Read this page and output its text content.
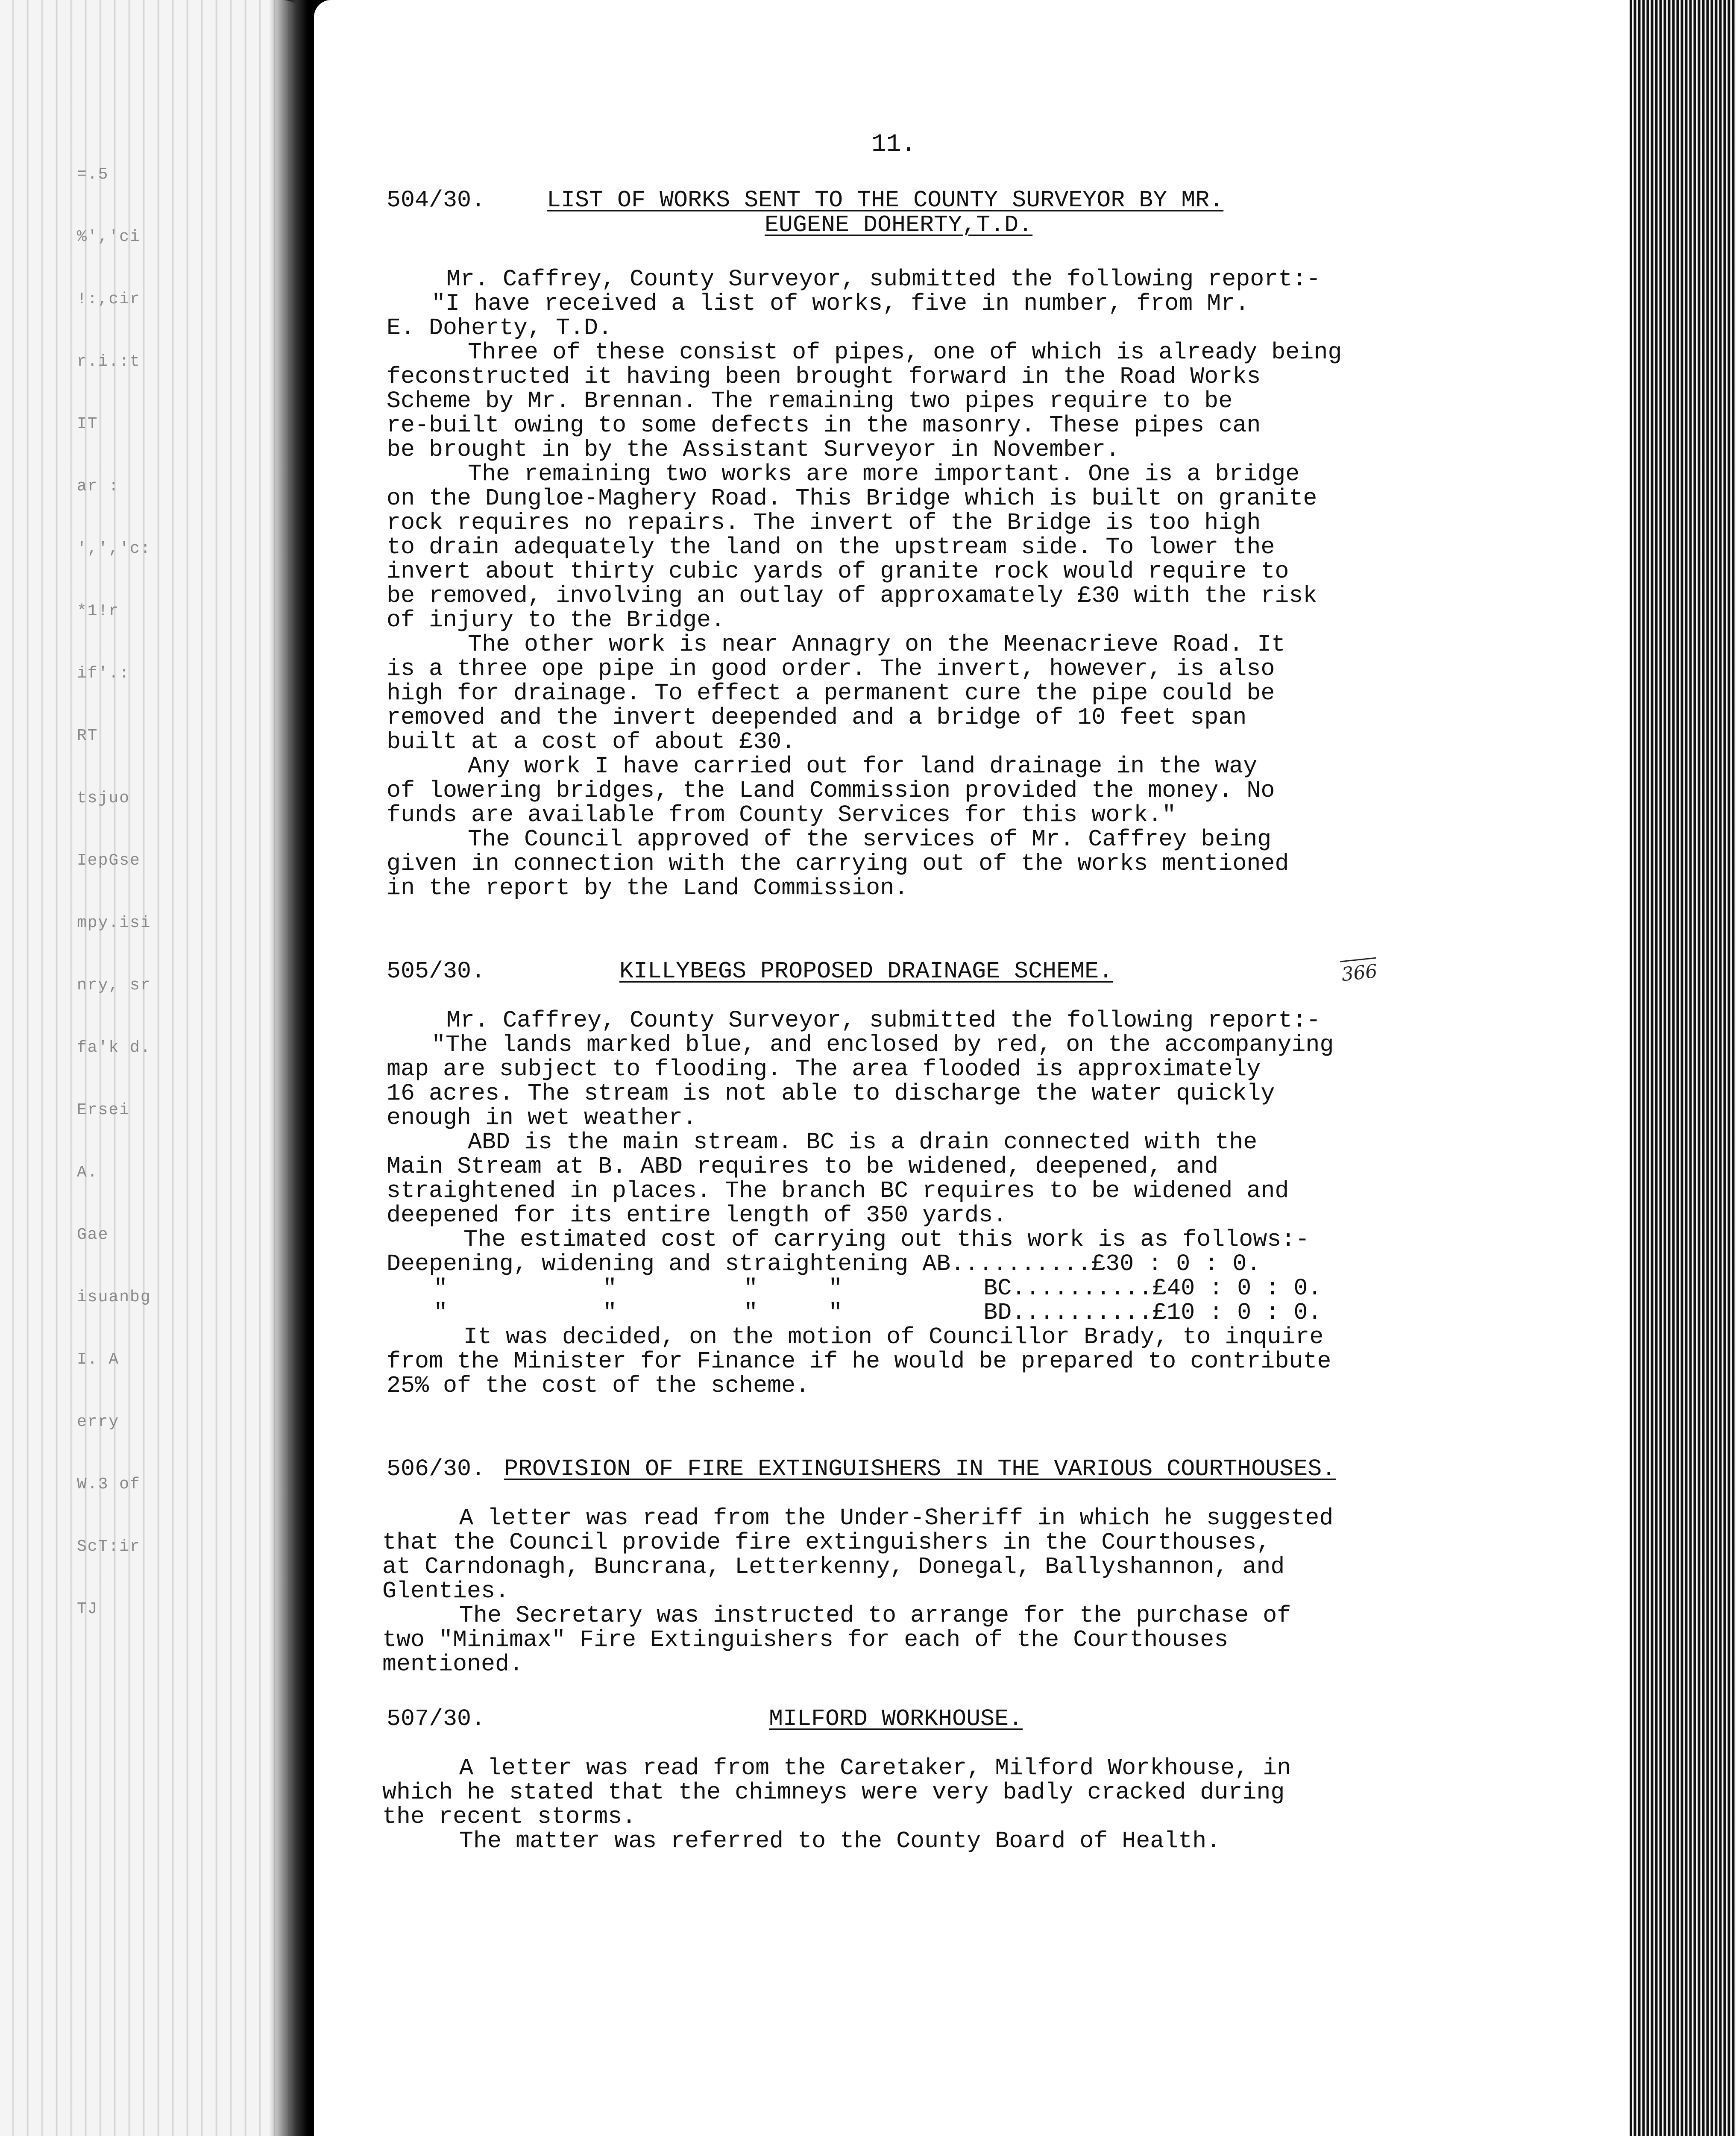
=.5
%','ci
!:,cir
r.i.:t
IT
ar :
',','c:
*1!r
if'.:
RT
tsjuo
IepGse
mpy.isi
nry, sr
fa'k d.
Ersei
A.
Gae
isuanbg
I. A
erry
W.3 of
ScT:ir
TJ
11.
366
504/30.	LIST OF WORKS SENT TO THE COUNTY SURVEYOR BY MR.
EUGENE DOHERTY,T.D.
Mr. Caffrey, County Surveyor, submitted the following report:-
"I have received a list of works, five in number, from Mr.
E. Doherty, T.D.
Three of these consist of pipes, one of which is already being
feconstructed it having been brought forward in the Road Works
Scheme by Mr. Brennan. The remaining two pipes require to be
re-built owing to some defects in the masonry. These pipes can
be brought in by the Assistant Surveyor in November.
The remaining two works are more important. One is a bridge
on the Dungloe-Maghery Road. This Bridge which is built on granite
rock requires no repairs. The invert of the Bridge is too high
to drain adequately the land on the upstream side. To lower the
invert about thirty cubic yards of granite rock would require to
be removed, involving an outlay of approxamately £30 with the risk
of injury to the Bridge.
The other work is near Annagry on the Meenacrieve Road. It
is a three ope pipe in good order. The invert, however, is also
high for drainage. To effect a permanent cure the pipe could be
removed and the invert deepended and a bridge of 10 feet span
built at a cost of about £30.
Any work I have carried out for land drainage in the way
of lowering bridges, the Land Commission provided the money. No
funds are available from County Services for this work."
The Council approved of the services of Mr. Caffrey being
given in connection with the carrying out of the works mentioned
in the report by the Land Commission.
505/30.	KILLYBEGS PROPOSED DRAINAGE SCHEME.
Mr. Caffrey, County Surveyor, submitted the following report:-
"The lands marked blue, and enclosed by red, on the accompanying
map are subject to flooding. The area flooded is approximately
16 acres. The stream is not able to discharge the water quickly
enough in wet weather.
ABD is the main stream. BC is a drain connected with the
Main Stream at B. ABD requires to be widened, deepened, and
straightened in places. The branch BC requires to be widened and
deepened for its entire length of 350 yards.
The estimated cost of carrying out this work is as follows:-
Deepening, widening and straightening AB..........£30 : 0 : 0.
"           "         "     "          BC..........£40 : 0 : 0.
"           "         "     "          BD..........£10 : 0 : 0.
It was decided, on the motion of Councillor Brady, to inquire
from the Minister for Finance if he would be prepared to contribute
25% of the cost of the scheme.
506/30. PROVISION OF FIRE EXTINGUISHERS IN THE VARIOUS COURTHOUSES.
A letter was read from the Under-Sheriff in which he suggested
that the Council provide fire extinguishers in the Courthouses,
at Carndonagh, Buncrana, Letterkenny, Donegal, Ballyshannon, and
Glenties.
The Secretary was instructed to arrange for the purchase of
two "Minimax" Fire Extinguishers for each of the Courthouses
mentioned.
507/30.	MILFORD WORKHOUSE.
A letter was read from the Caretaker, Milford Workhouse, in
which he stated that the chimneys were very badly cracked during
the recent storms.
The matter was referred to the County Board of Health.
